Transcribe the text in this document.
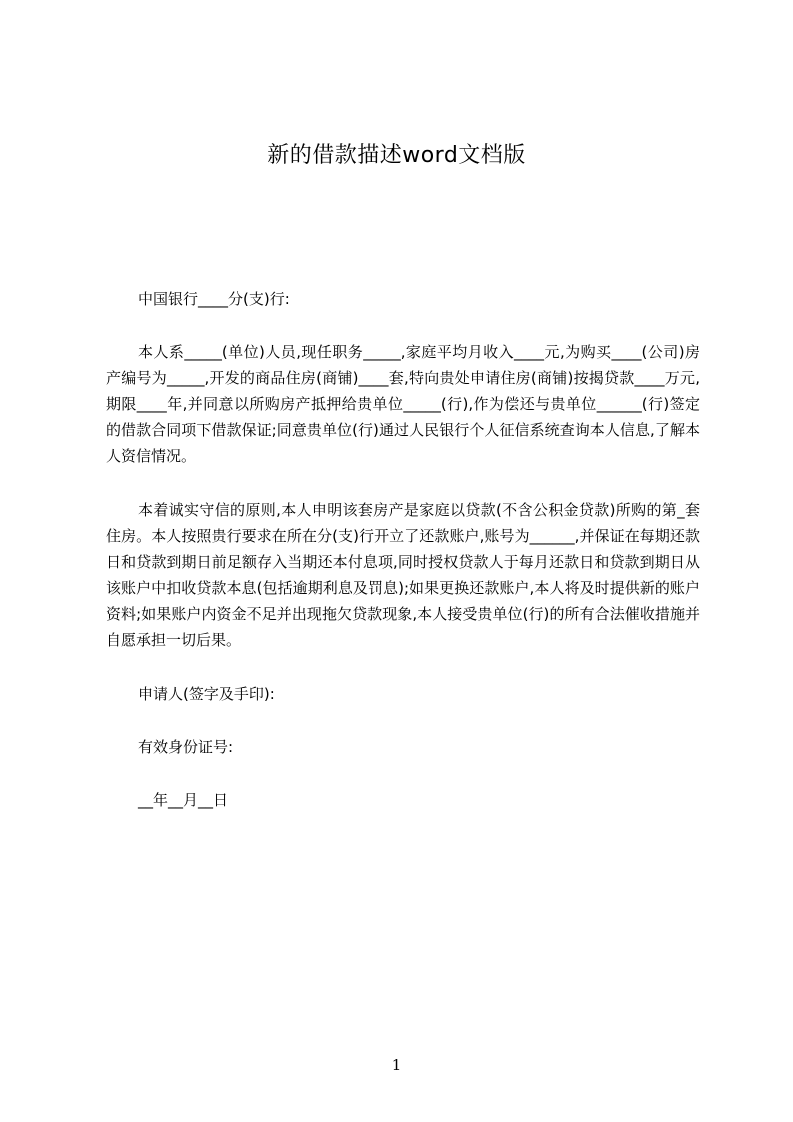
新的借款描述word文档版

中国银行____分(支)行:

本人系_____(单位)人员,现任职务_____,家庭平均月收入____元,为购买____(公司)房产编号为_____,开发的商品住房(商铺)____套,特向贵处申请住房(商铺)按揭贷款____万元,期限____年,并同意以所购房产抵押给贵单位_____(行),作为偿还与贵单位______(行)签定的借款合同项下借款保证;同意贵单位(行)通过人民银行个人征信系统查询本人信息,了解本人资信情况。

本着诚实守信的原则,本人申明该套房产是家庭以贷款(不含公积金贷款)所购的第_套住房。本人按照贵行要求在所在分(支)行开立了还款账户,账号为______,并保证在每期还款日和贷款到期日前足额存入当期还本付息项,同时授权贷款人于每月还款日和贷款到期日从该账户中扣收贷款本息(包括逾期利息及罚息);如果更换还款账户,本人将及时提供新的账户资料;如果账户内资金不足并出现拖欠贷款现象,本人接受贵单位(行)的所有合法催收措施并自愿承担一切后果。

申请人(签字及手印):

有效身份证号:

__年__月__日

1
